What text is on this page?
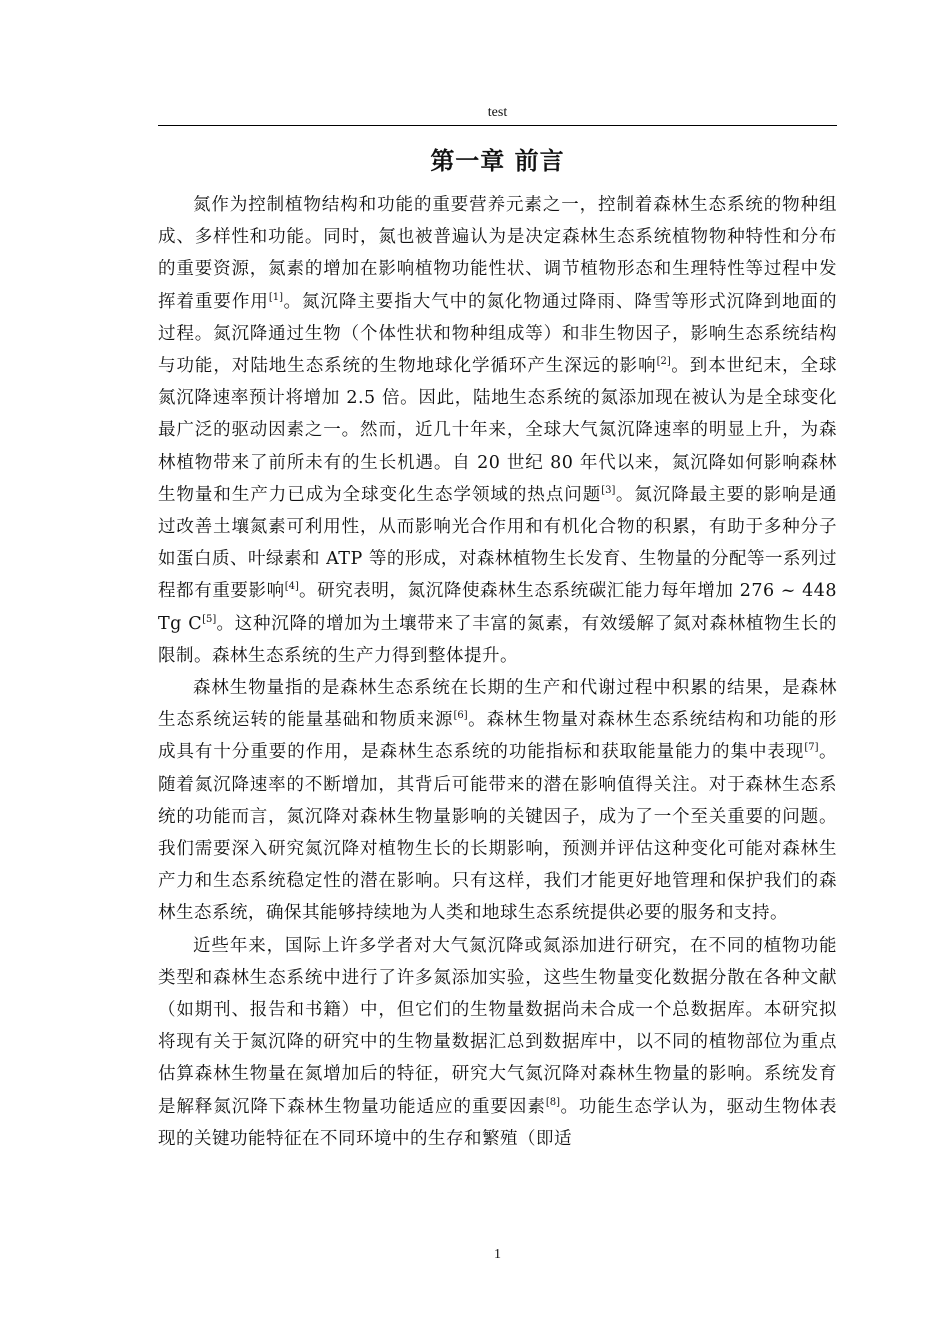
test
第一章 前言

氮作为控制植物结构和功能的重要营养元素之一，控制着森林生态系统的物种组成、多样性和功能。同时，氮也被普遍认为是决定森林生态系统植物物种特性和分布的重要资源，氮素的增加在影响植物功能性状、调节植物形态和生理特性等过程中发挥着重要作用[1]。氮沉降主要指大气中的氮化物通过降雨、降雪等形式沉降到地面的过程。氮沉降通过生物（个体性状和物种组成等）和非生物因子，影响生态系统结构与功能，对陆地生态系统的生物地球化学循环产生深远的影响[2]。到本世纪末，全球氮沉降速率预计将增加 2.5 倍。因此，陆地生态系统的氮添加现在被认为是全球变化最广泛的驱动因素之一。然而，近几十年来，全球大气氮沉降速率的明显上升，为森林植物带来了前所未有的生长机遇。自 20 世纪 80 年代以来，氮沉降如何影响森林生物量和生产力已成为全球变化生态学领域的热点问题[3]。氮沉降最主要的影响是通过改善土壤氮素可利用性，从而影响光合作用和有机化合物的积累，有助于多种分子如蛋白质、叶绿素和 ATP 等的形成，对森林植物生长发育、生物量的分配等一系列过程都有重要影响[4]。研究表明，氮沉降使森林生态系统碳汇能力每年增加 276 ~ 448 Tg C[5]。这种沉降的增加为土壤带来了丰富的氮素，有效缓解了氮对森林植物生长的限制。森林生态系统的生产力得到整体提升。

森林生物量指的是森林生态系统在长期的生产和代谢过程中积累的结果，是森林生态系统运转的能量基础和物质来源[6]。森林生物量对森林生态系统结构和功能的形成具有十分重要的作用，是森林生态系统的功能指标和获取能量能力的集中表现[7]。随着氮沉降速率的不断增加，其背后可能带来的潜在影响值得关注。对于森林生态系统的功能而言，氮沉降对森林生物量影响的关键因子，成为了一个至关重要的问题。我们需要深入研究氮沉降对植物生长的长期影响，预测并评估这种变化可能对森林生产力和生态系统稳定性的潜在影响。只有这样，我们才能更好地管理和保护我们的森林生态系统，确保其能够持续地为人类和地球生态系统提供必要的服务和支持。

近些年来，国际上许多学者对大气氮沉降或氮添加进行研究，在不同的植物功能类型和森林生态系统中进行了许多氮添加实验，这些生物量变化数据分散在各种文献（如期刊、报告和书籍）中，但它们的生物量数据尚未合成一个总数据库。本研究拟将现有关于氮沉降的研究中的生物量数据汇总到数据库中，以不同的植物部位为重点估算森林生物量在氮增加后的特征，研究大气氮沉降对森林生物量的影响。系统发育是解释氮沉降下森林生物量功能适应的重要因素[8]。功能生态学认为，驱动生物体表现的关键功能特征在不同环境中的生存和繁殖（即适

1
